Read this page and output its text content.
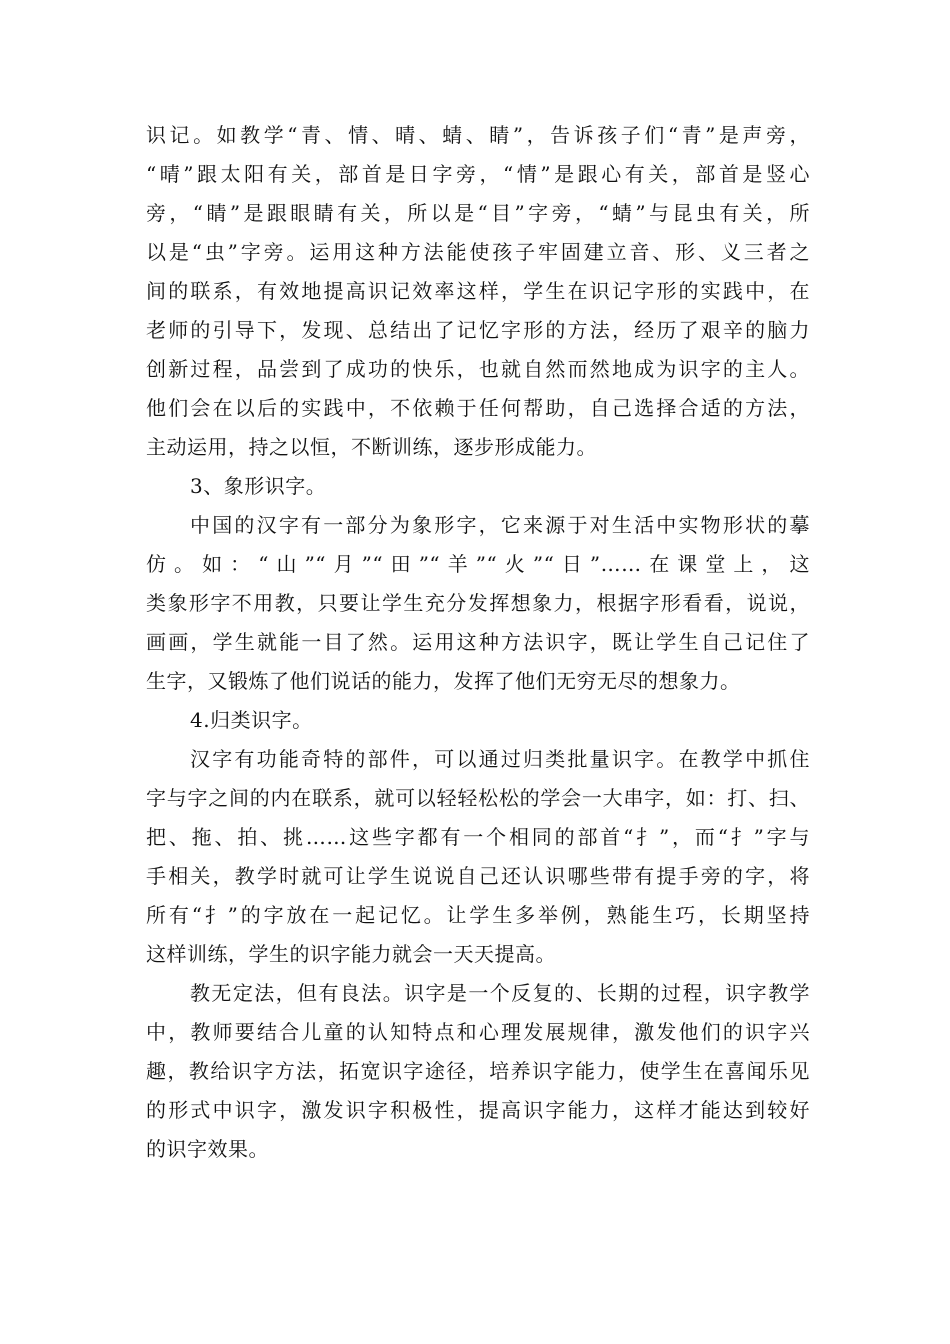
识记。如教学“青、情、晴、蜻、睛”，告诉孩子们“青”是声旁，
“晴”跟太阳有关，部首是日字旁，“情”是跟心有关，部首是竖心
旁，“睛”是跟眼睛有关，所以是“目”字旁，“蜻”与昆虫有关，所
以是“虫”字旁。运用这种方法能使孩子牢固建立音、形、义三者之
间的联系，有效地提高识记效率这样，学生在识记字形的实践中，在
老师的引导下，发现、总结出了记忆字形的方法，经历了艰辛的脑力
创新过程，品尝到了成功的快乐，也就自然而然地成为识字的主人。
他们会在以后的实践中，不依赖于任何帮助，自己选择合适的方法，
主动运用，持之以恒，不断训练，逐步形成能力。
3、象形识字。
中国的汉字有一部分为象形字，它来源于对生活中实物形状的摹
仿。如：“山”“月”“田”“羊”“火”“日”……在课堂上，这
类象形字不用教，只要让学生充分发挥想象力，根据字形看看，说说，
画画，学生就能一目了然。运用这种方法识字，既让学生自己记住了
生字，又锻炼了他们说话的能力，发挥了他们无穷无尽的想象力。
4.归类识字。
汉字有功能奇特的部件，可以通过归类批量识字。在教学中抓住
字与字之间的内在联系，就可以轻轻松松的学会一大串字，如：打、扫、
把、拖、拍、挑……这些字都有一个相同的部首“扌”，而“扌”字与
手相关，教学时就可让学生说说自己还认识哪些带有提手旁的字，将
所有“扌”的字放在一起记忆。让学生多举例，熟能生巧，长期坚持
这样训练，学生的识字能力就会一天天提高。
教无定法，但有良法。识字是一个反复的、长期的过程，识字教学
中，教师要结合儿童的认知特点和心理发展规律，激发他们的识字兴
趣，教给识字方法，拓宽识字途径，培养识字能力，使学生在喜闻乐见
的形式中识字，激发识字积极性，提高识字能力，这样才能达到较好
的识字效果。
